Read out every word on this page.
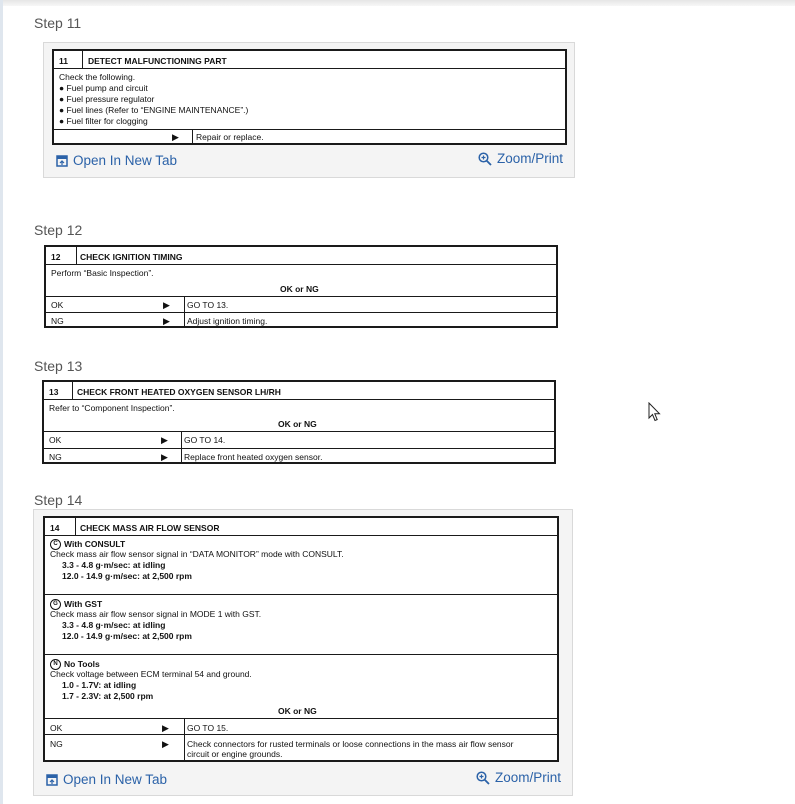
Step 11
11 DETECT MALFUNCTIONING PART
Check the following.
● Fuel pump and circuit
● Fuel pressure regulator
● Fuel lines (Refer to “ENGINE MAINTENANCE”.)
● Fuel filter for clogging
▶ Repair or replace.
Open In New Tab	Zoom/Print
Step 12
12 CHECK IGNITION TIMING
Perform “Basic Inspection”.
OK or NG
OK	▶ GO TO 13.
NG	▶ Adjust ignition timing.
Step 13
13 CHECK FRONT HEATED OXYGEN SENSOR LH/RH
Refer to “Component Inspection”.
OK or NG
OK	▶ GO TO 14.
NG	▶ Replace front heated oxygen sensor.
Step 14
14 CHECK MASS AIR FLOW SENSOR
C With CONSULT
Check mass air flow sensor signal in “DATA MONITOR” mode with CONSULT.
3.3 - 4.8 g·m/sec: at idling
12.0 - 14.9 g·m/sec: at 2,500 rpm
G With GST
Check mass air flow sensor signal in MODE 1 with GST.
3.3 - 4.8 g·m/sec: at idling
12.0 - 14.9 g·m/sec: at 2,500 rpm
N No Tools
Check voltage between ECM terminal 54 and ground.
1.0 - 1.7V: at idling
1.7 - 2.3V: at 2,500 rpm
OK or NG
OK	▶ GO TO 15.
NG	▶ Check connectors for rusted terminals or loose connections in the mass air flow sensor
circuit or engine grounds.
Open In New Tab	Zoom/Print
